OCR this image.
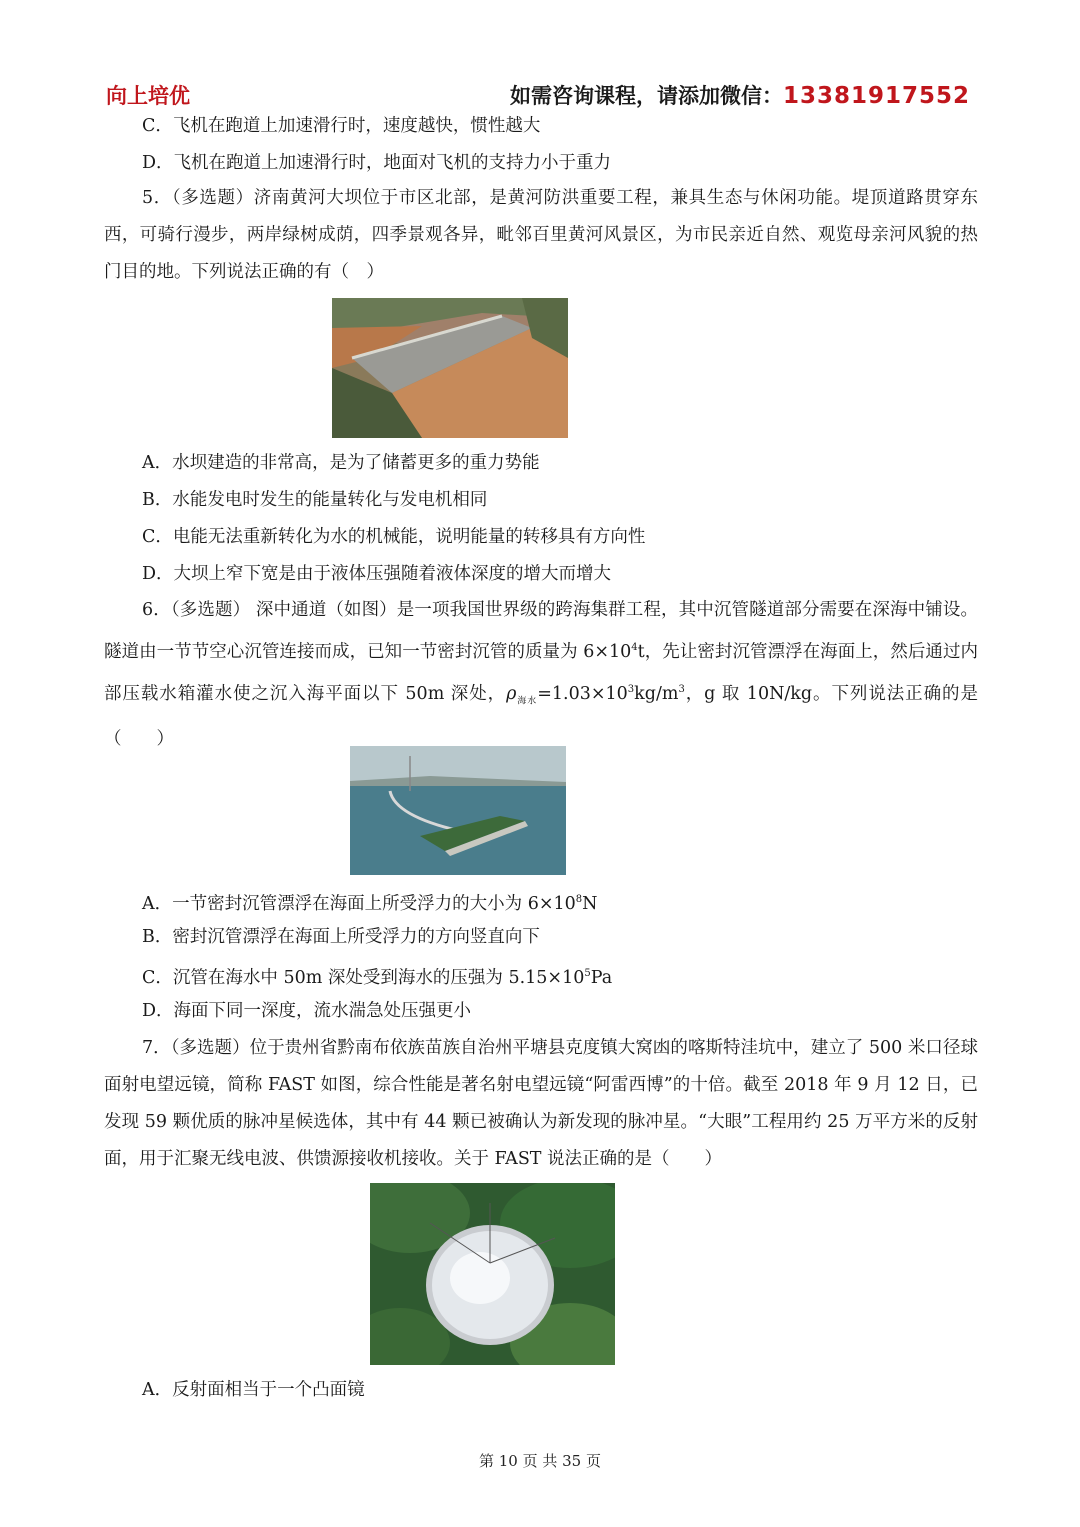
向上培优	如需咨询课程，请添加微信：13381917552
C．飞机在跑道上加速滑行时，速度越快，惯性越大
D．飞机在跑道上加速滑行时，地面对飞机的支持力小于重力
5．（多选题）济南黄河大坝位于市区北部，是黄河防洪重要工程，兼具生态与休闲功能。堤顶道路贯穿东西，可骑行漫步，两岸绿树成荫，四季景观各异，毗邻百里黄河风景区，为市民亲近自然、观览母亲河风貌的热门目的地。下列说法正确的有（　）
A．水坝建造的非常高，是为了储蓄更多的重力势能
B．水能发电时发生的能量转化与发电机相同
C．电能无法重新转化为水的机械能，说明能量的转移具有方向性
D．大坝上窄下宽是由于液体压强随着液体深度的增大而增大
6．（多选题） 深中通道（如图）是一项我国世界级的跨海集群工程，其中沉管隧道部分需要在深海中铺设。隧道由一节节空心沉管连接而成，已知一节密封沉管的质量为 $6\times 10^4t$，先让密封沉管漂浮在海面上，然后通过内部压载水箱灌水使之沉入海平面以下 50m 深处，$\rho_{海水}=1.03\times 10^3kg/m^3$，g 取 10N/kg。下列说法正确的是（　　）
A．一节密封沉管漂浮在海面上所受浮力的大小为 $6\times 10^8N$
B．密封沉管漂浮在海面上所受浮力的方向竖直向下
C．沉管在海水中 50m 深处受到海水的压强为 $5.15\times 10^5Pa$
D．海面下同一深度，流水湍急处压强更小
7．（多选题）位于贵州省黔南布依族苗族自治州平塘县克度镇大窝凼的喀斯特洼坑中，建立了 500 米口径球面射电望远镜，简称 FAST 如图，综合性能是著名射电望远镜“阿雷西博”的十倍。截至 2018 年 9 月 12 日，已发现 59 颗优质的脉冲星候选体，其中有 44 颗已被确认为新发现的脉冲星。“大眼”工程用约 25 万平方米的反射面，用于汇聚无线电波、供馈源接收机接收。关于 FAST 说法正确的是（　　）
A．反射面相当于一个凸面镜
第 10 页 共 35 页
